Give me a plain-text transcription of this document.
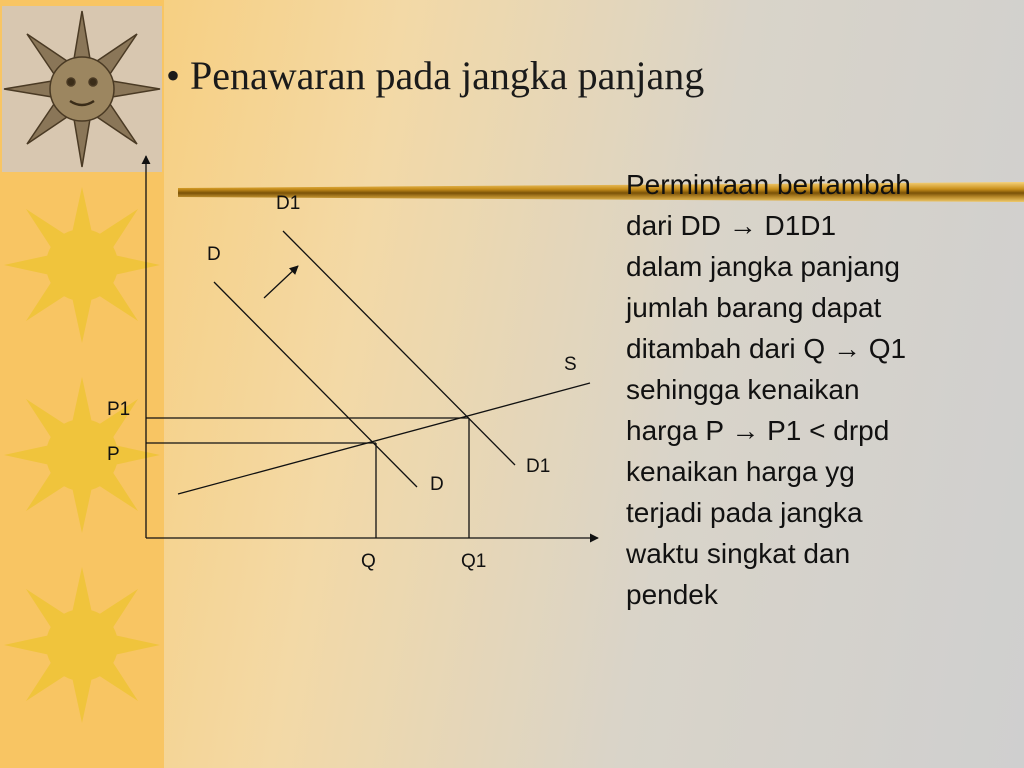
• Penawaran pada jangka panjang
D1
D
S
P1
P
D1
D
Q	Q1
Permintaan bertambah
dari DD → D1D1
dalam jangka panjang
jumlah barang dapat
ditambah dari Q → Q1
sehingga kenaikan
harga P → P1 < drpd
kenaikan harga yg
terjadi pada jangka
waktu singkat dan
pendek
